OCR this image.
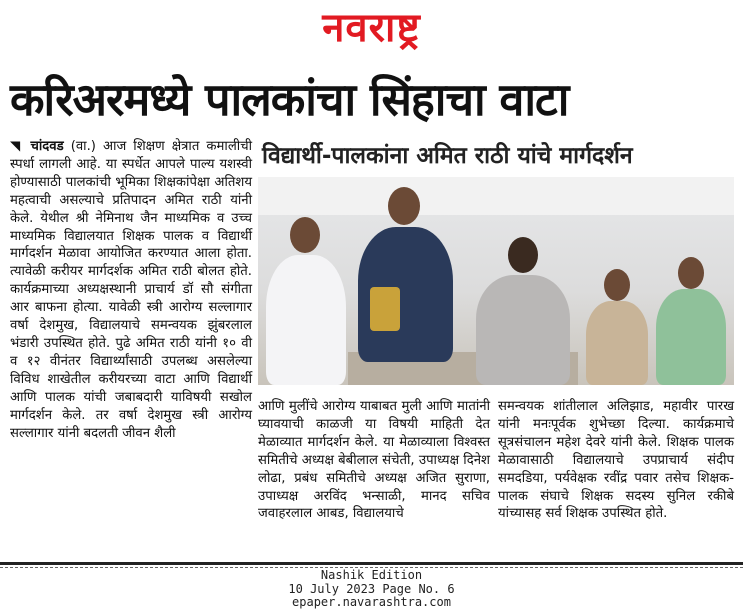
नवराष्ट्र
करिअरमध्ये पालकांचा सिंहाचा वाटा
विद्यार्थी-पालकांना अमित राठी यांचे मार्गदर्शन

◥ चांदवड (वा.) आज शिक्षण क्षेत्रात कमालीची स्पर्धा लागली आहे. या स्पर्धेत आपले पाल्य यशस्वी होण्यासाठी पालकांची भूमिका शिक्षकांपेक्षा अतिशय महत्वाची असल्याचे प्रतिपादन अमित राठी यांनी केले. येथील श्री नेमिनाथ जैन माध्यमिक व उच्च माध्यमिक विद्यालयात शिक्षक पालक व विद्यार्थी मार्गदर्शन मेळावा आयोजित करण्यात आला होता. त्यावेळी करीयर मार्गदर्शक अमित राठी बोलत होते. कार्यक्रमाच्या अध्यक्षस्थानी प्राचार्य डॉ सौ संगीता आर बाफना होत्या. यावेळी स्त्री आरोग्य सल्लागार वर्षा देशमुख, विद्यालयाचे समन्वयक झुंबरलाल भंडारी उपस्थित होते. पुढे अमित राठी यांनी १० वी व १२ वीनंतर विद्यार्थ्यांसाठी उपलब्ध असलेल्या विविध शाखेतील करीयरच्या वाटा आणि विद्यार्थी आणि पालक यांची जबाबदारी याविषयी सखोल मार्गदर्शन केले. तर वर्षा देशमुख स्त्री आरोग्य सल्लागार यांनी बदलती जीवन शैली

आणि मुलींचे आरोग्य याबाबत मुली आणि मातांनी घ्यावयाची काळजी या विषयी माहिती देत मेळाव्यात मार्गदर्शन केले. या मेळाव्याला विश्वस्त समितीचे अध्यक्ष बेबीलाल संचेती, उपाध्यक्ष दिनेश लोढा, प्रबंध समितीचे अध्यक्ष अजित सुराणा, उपाध्यक्ष अरविंद भन्साळी, मानद सचिव जवाहरलाल आबड, विद्यालयाचे

समन्वयक शांतीलाल अलिझाड, महावीर पारख यांनी मनःपूर्वक शुभेच्छा दिल्या. कार्यक्रमाचे सूत्रसंचालन महेश देवरे यांनी केले. शिक्षक पालक मेळावासाठी विद्यालयाचे उपप्राचार्य संदीप समदडिया, पर्यवेक्षक रवींद्र पवार तसेच शिक्षक-पालक संघाचे शिक्षक सदस्य सुनिल रकीबे यांच्यासह सर्व शिक्षक उपस्थित होते.

Nashik Edition
10 July 2023 Page No. 6
epaper.navarashtra.com
